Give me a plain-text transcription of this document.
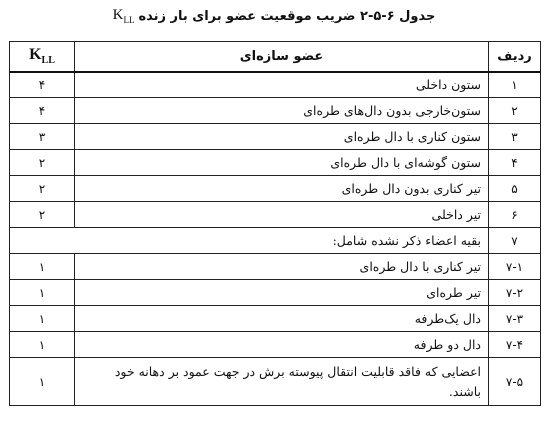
جدول ۶-۵-۲ ضریب موقعیت عضو برای بار زنده
$K_{LL}$
ردیف	عضو سازه‌ای	$K_{LL}$
۱	ستون داخلی	۴
۲	ستون‌خارجی بدون دال‌های طره‌ای	۴
۳	ستون کناری با دال طره‌ای	۳
۴	ستون گوشه‌ای با دال طره‌ای	۲
۵	تیر کناری بدون دال طره‌ای	۲
۶	تیر داخلی	۲
۷	بقیه اعضاء ذکر نشده شامل:	
۷-۱	تیر کناری با دال طره‌ای	۱
۷-۲	تیر طره‌ای	۱
۷-۳	دال یک‌طرفه	۱
۷-۴	دال دو طرفه	۱
۷-۵	اعضایی که فاقد قابلیت انتقال پیوسته برش در جهت عمود بر دهانه خود باشند.	۱
